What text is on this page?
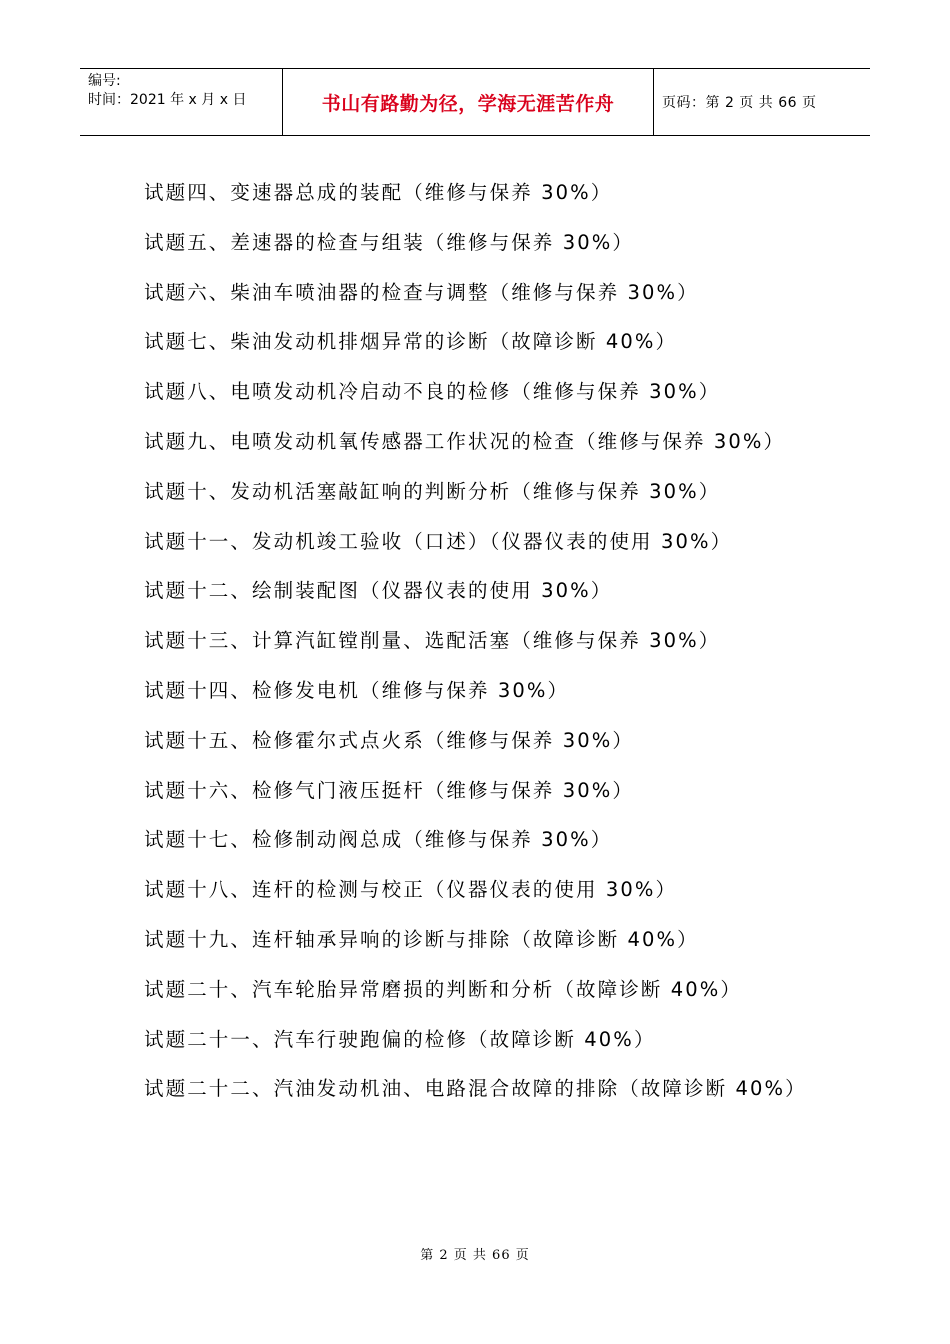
编号:
时间：2021 年 x 月 x 日	书山有路勤为径，学海无涯苦作舟	页码：第 2 页 共 66 页
试题四、变速器总成的装配（维修与保养 30%）
试题五、差速器的检查与组装（维修与保养 30%）
试题六、柴油车喷油器的检查与调整（维修与保养 30%）
试题七、柴油发动机排烟异常的诊断（故障诊断 40%）
试题八、电喷发动机冷启动不良的检修（维修与保养 30%）
试题九、电喷发动机氧传感器工作状况的检查（维修与保养 30%）
试题十、发动机活塞敲缸响的判断分析（维修与保养 30%）
试题十一、发动机竣工验收（口述）（仪器仪表的使用 30%）
试题十二、绘制装配图（仪器仪表的使用 30%）
试题十三、计算汽缸镗削量、选配活塞（维修与保养 30%）
试题十四、检修发电机（维修与保养 30%）
试题十五、检修霍尔式点火系（维修与保养 30%）
试题十六、检修气门液压挺杆（维修与保养 30%）
试题十七、检修制动阀总成（维修与保养 30%）
试题十八、连杆的检测与校正（仪器仪表的使用 30%）
试题十九、连杆轴承异响的诊断与排除（故障诊断 40%）
试题二十、汽车轮胎异常磨损的判断和分析（故障诊断 40%）
试题二十一、汽车行驶跑偏的检修（故障诊断 40%）
试题二十二、汽油发动机油、电路混合故障的排除（故障诊断 40%）
第 2 页 共 66 页
